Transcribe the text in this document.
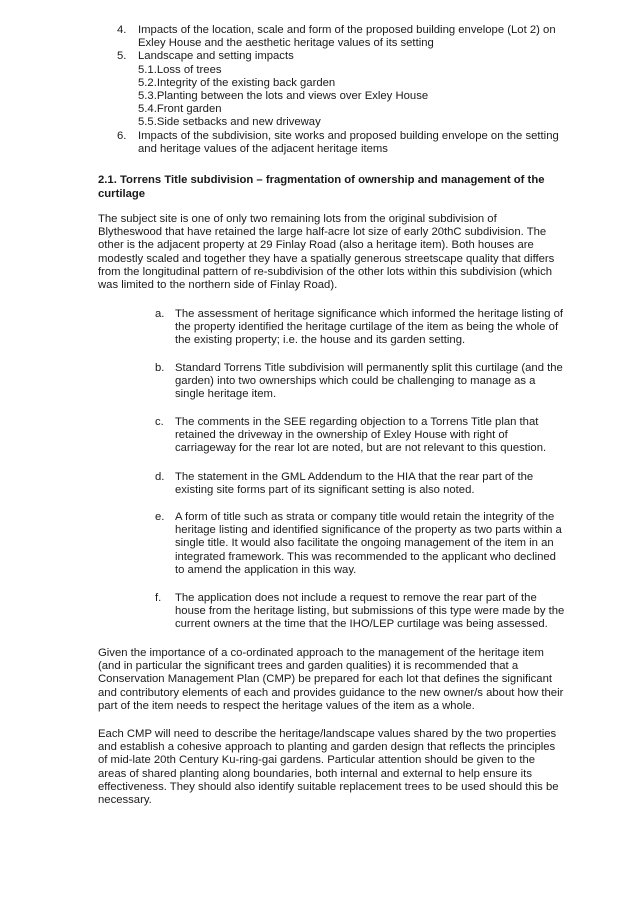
4. Impacts of the location, scale and form of the proposed building envelope (Lot 2) on
Exley House and the aesthetic heritage values of its setting
5. Landscape and setting impacts
5.1.Loss of trees
5.2.Integrity of the existing back garden
5.3.Planting between the lots and views over Exley House
5.4.Front garden
5.5.Side setbacks and new driveway
6. Impacts of the subdivision, site works and proposed building envelope on the setting
and heritage values of the adjacent heritage items
2.1. Torrens Title subdivision – fragmentation of ownership and management of the
curtilage
The subject site is one of only two remaining lots from the original subdivision of
Blytheswood that have retained the large half-acre lot size of early 20thC subdivision. The
other is the adjacent property at 29 Finlay Road (also a heritage item). Both houses are
modestly scaled and together they have a spatially generous streetscape quality that differs
from the longitudinal pattern of re-subdivision of the other lots within this subdivision (which
was limited to the northern side of Finlay Road).
a. The assessment of heritage significance which informed the heritage listing of
the property identified the heritage curtilage of the item as being the whole of
the existing property; i.e. the house and its garden setting.
b. Standard Torrens Title subdivision will permanently split this curtilage (and the
garden) into two ownerships which could be challenging to manage as a
single heritage item.
c. The comments in the SEE regarding objection to a Torrens Title plan that
retained the driveway in the ownership of Exley House with right of
carriageway for the rear lot are noted, but are not relevant to this question.
d. The statement in the GML Addendum to the HIA that the rear part of the
existing site forms part of its significant setting is also noted.
e. A form of title such as strata or company title would retain the integrity of the
heritage listing and identified significance of the property as two parts within a
single title. It would also facilitate the ongoing management of the item in an
integrated framework. This was recommended to the applicant who declined
to amend the application in this way.
f. The application does not include a request to remove the rear part of the
house from the heritage listing, but submissions of this type were made by the
current owners at the time that the IHO/LEP curtilage was being assessed.
Given the importance of a co-ordinated approach to the management of the heritage item
(and in particular the significant trees and garden qualities) it is recommended that a
Conservation Management Plan (CMP) be prepared for each lot that defines the significant
and contributory elements of each and provides guidance to the new owner/s about how their
part of the item needs to respect the heritage values of the item as a whole.
Each CMP will need to describe the heritage/landscape values shared by the two properties
and establish a cohesive approach to planting and garden design that reflects the principles
of mid-late 20th Century Ku-ring-gai gardens. Particular attention should be given to the
areas of shared planting along boundaries, both internal and external to help ensure its
effectiveness. They should also identify suitable replacement trees to be used should this be
necessary.
